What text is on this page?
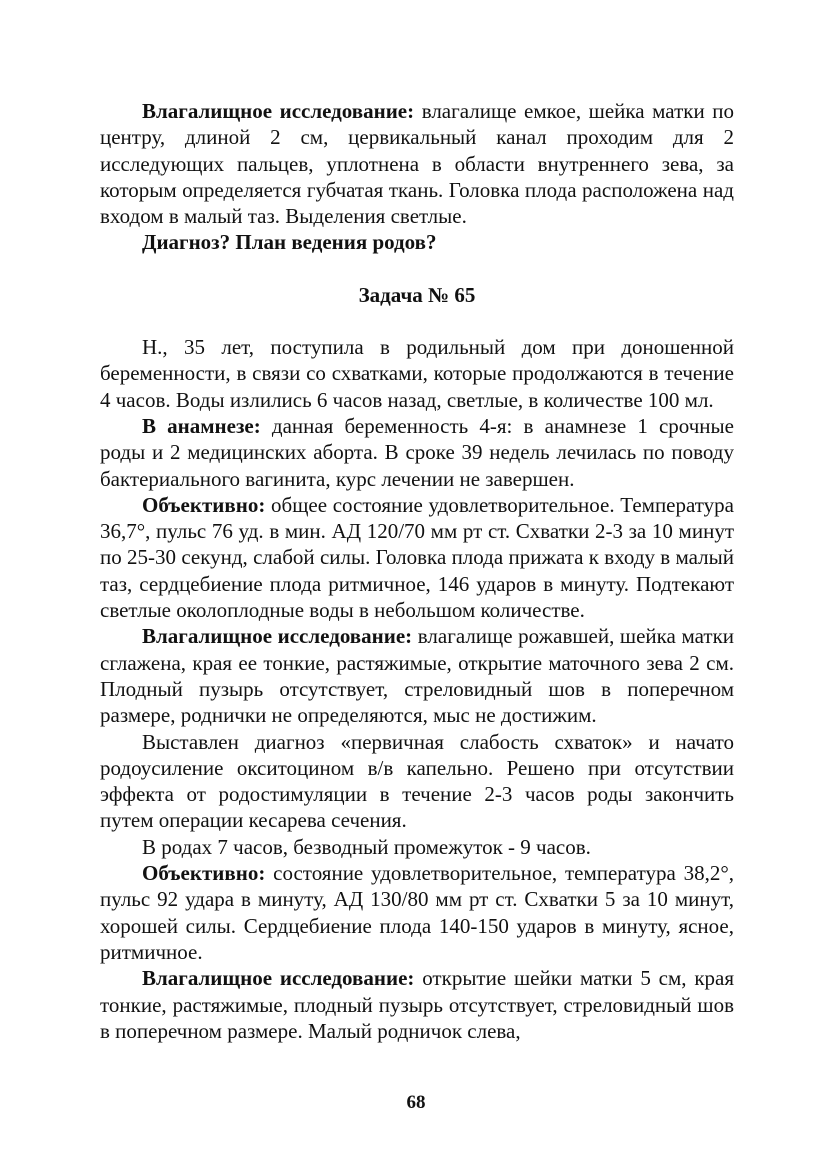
Влагалищное исследование: влагалище емкое, шейка матки по центру, длиной 2 см, цервикальный канал проходим для 2 исследующих пальцев, уплотнена в области внутреннего зева, за которым определяется губчатая ткань. Головка плода расположена над входом в малый таз. Выделения светлые.

Диагноз? План ведения родов?

Задача № 65

Н., 35 лет, поступила в родильный дом при доношенной беременности, в связи со схватками, которые продолжаются в течение 4 часов. Воды излились 6 часов назад, светлые, в количестве 100 мл.

В анамнезе: данная беременность 4-я: в анамнезе 1 срочные роды и 2 медицинских аборта. В сроке 39 недель лечилась по поводу бактериального вагинита, курс лечении не завершен.

Объективно: общее состояние удовлетворительное. Температура 36,7°, пульс 76 уд. в мин. АД 120/70 мм рт ст. Схватки 2-3 за 10 минут по 25-30 секунд, слабой силы. Головка плода прижата к входу в малый таз, сердцебиение плода ритмичное, 146 ударов в минуту. Подтекают светлые околоплодные воды в небольшом количестве.

Влагалищное исследование: влагалище рожавшей, шейка матки сглажена, края ее тонкие, растяжимые, открытие маточного зева 2 см. Плодный пузырь отсутствует, стреловидный шов в поперечном размере, роднички не определяются, мыс не достижим.

Выставлен диагноз «первичная слабость схваток» и начато родоусиление окситоцином в/в капельно. Решено при отсутствии эффекта от родостимуляции в течение 2-3 часов роды закончить путем операции кесарева сечения.

В родах 7 часов, безводный промежуток - 9 часов.

Объективно: состояние удовлетворительное, температура 38,2°, пульс 92 удара в минуту, АД 130/80 мм рт ст. Схватки 5 за 10 минут, хорошей силы. Сердцебиение плода 140-150 ударов в минуту, ясное, ритмичное.

Влагалищное исследование: открытие шейки матки 5 см, края тонкие, растяжимые, плодный пузырь отсутствует, стреловидный шов в поперечном размере. Малый родничок слева,

68
